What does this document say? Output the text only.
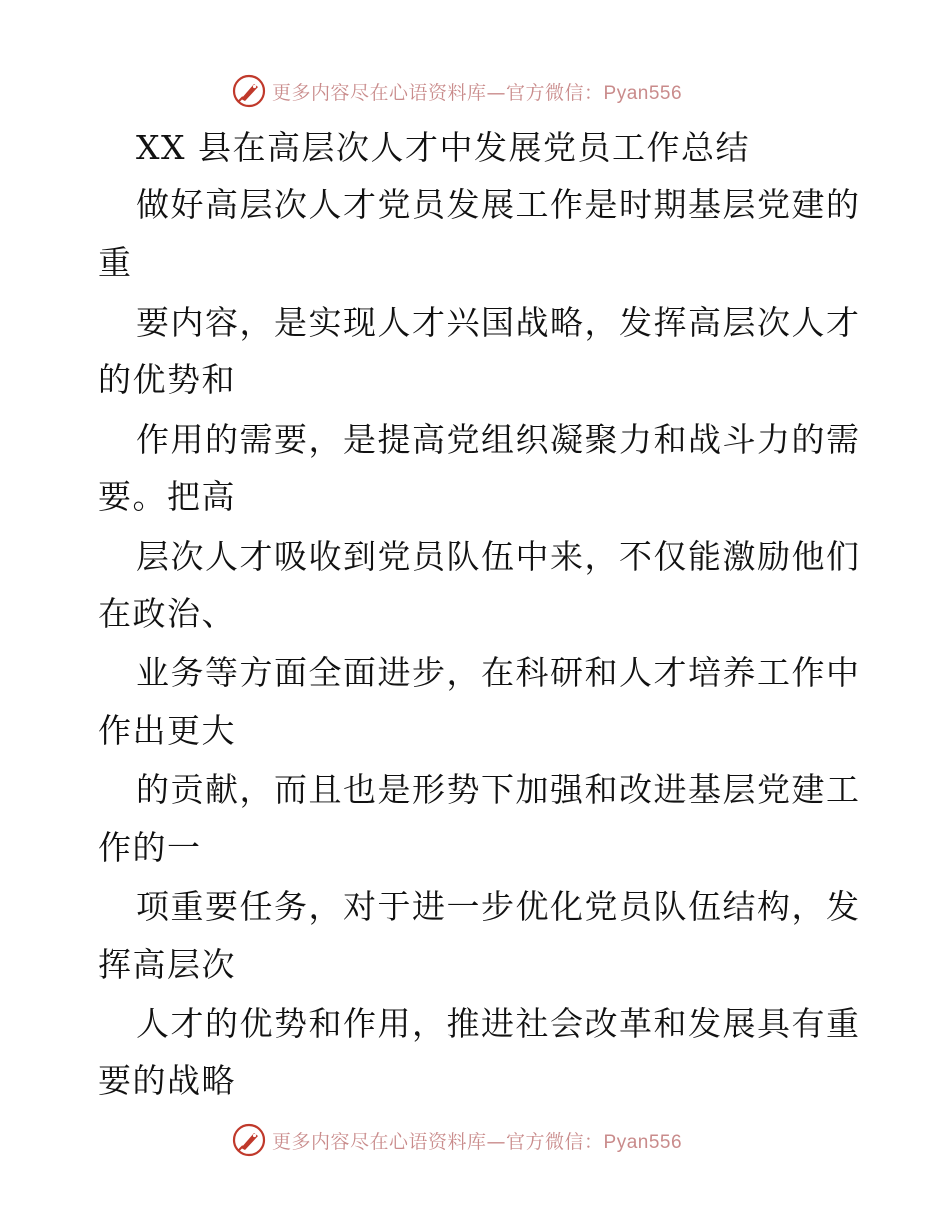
更多内容尽在心语资料库—官方微信：Pyan556
XX 县在高层次人才中发展党员工作总结
做好高层次人才党员发展工作是时期基层党建的
重
要内容，是实现人才兴国战略，发挥高层次人才
的优势和
作用的需要，是提高党组织凝聚力和战斗力的需
要。把高
层次人才吸收到党员队伍中来，不仅能激励他们
在政治、
业务等方面全面进步，在科研和人才培养工作中
作出更大
的贡献，而且也是形势下加强和改进基层党建工
作的一
项重要任务，对于进一步优化党员队伍结构，发
挥高层次
人才的优势和作用，推进社会改革和发展具有重
要的战略
更多内容尽在心语资料库—官方微信：Pyan556
